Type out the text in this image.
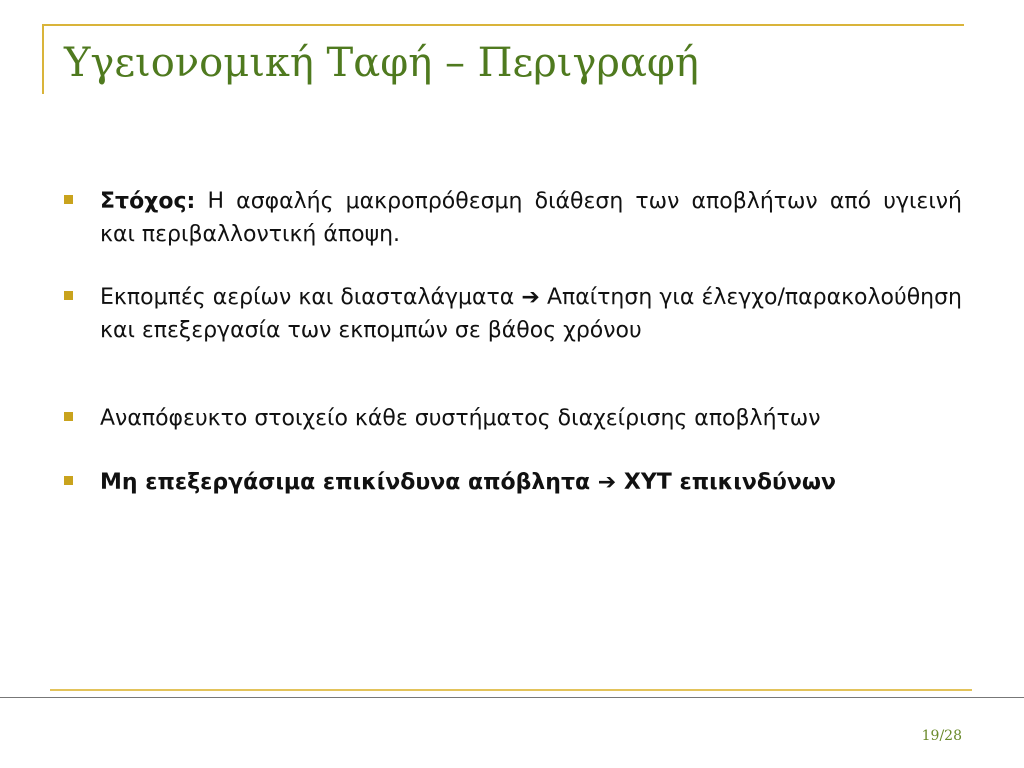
Υγειονομική Ταφή – Περιγραφή
Στόχος: Η ασφαλής μακροπρόθεσμη διάθεση των αποβλήτων από υγιεινή και περιβαλλοντική άποψη.
Εκπομπές αερίων και διασταλάγματα ➔ Απαίτηση για έλεγχο/παρακολούθηση και επεξεργασία των εκπομπών σε βάθος χρόνου
Αναπόφευκτο στοιχείο κάθε συστήματος διαχείρισης αποβλήτων
Μη επεξεργάσιμα επικίνδυνα απόβλητα ➔ ΧΥΤ επικινδύνων
19/28
